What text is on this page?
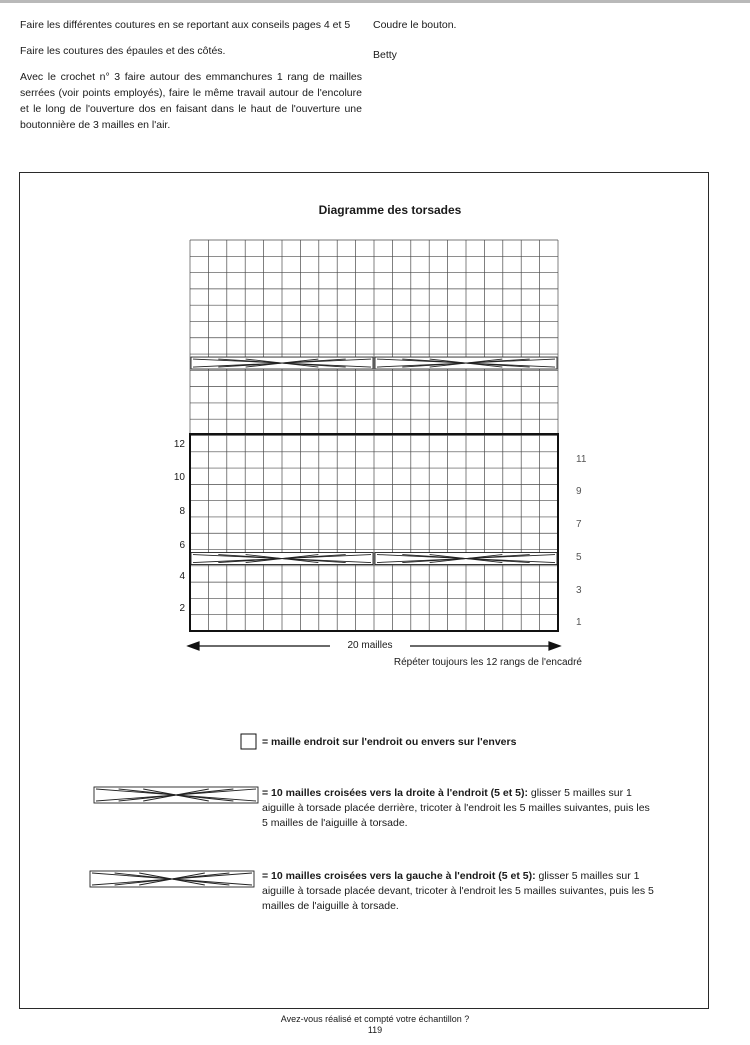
Faire les différentes coutures en se reportant aux conseils pages 4 et 5

Faire les coutures des épaules et des côtés.

Avec le crochet n° 3 faire autour des emmanchures 1 rang de mailles serrées (voir points employés), faire le même travail autour de l'encolure et le long de l'ouverture dos en faisant dans le haut de l'ouverture une boutonnière de 3 mailles en l'air.

Coudre le bouton.

Betty

Diagramme des torsades
12
10
8
6
4
2
11
9
7
5
3
1
20 mailles
Répéter toujours les 12 rangs de l'encadré
= maille endroit sur l'endroit ou envers sur l'envers
= 10 mailles croisées vers la droite à l'endroit (5 et 5): glisser 5 mailles sur 1 aiguille à torsade placée derrière, tricoter à l'endroit les 5 mailles suivantes, puis les 5 mailles de l'aiguille à torsade.
= 10 mailles croisées vers la gauche à l'endroit (5 et 5): glisser 5 mailles sur 1 aiguille à torsade placée devant, tricoter à l'endroit les 5 mailles suivantes, puis les 5 mailles de l'aiguille à torsade.
Avez-vous réalisé et compté votre échantillon ?
119
